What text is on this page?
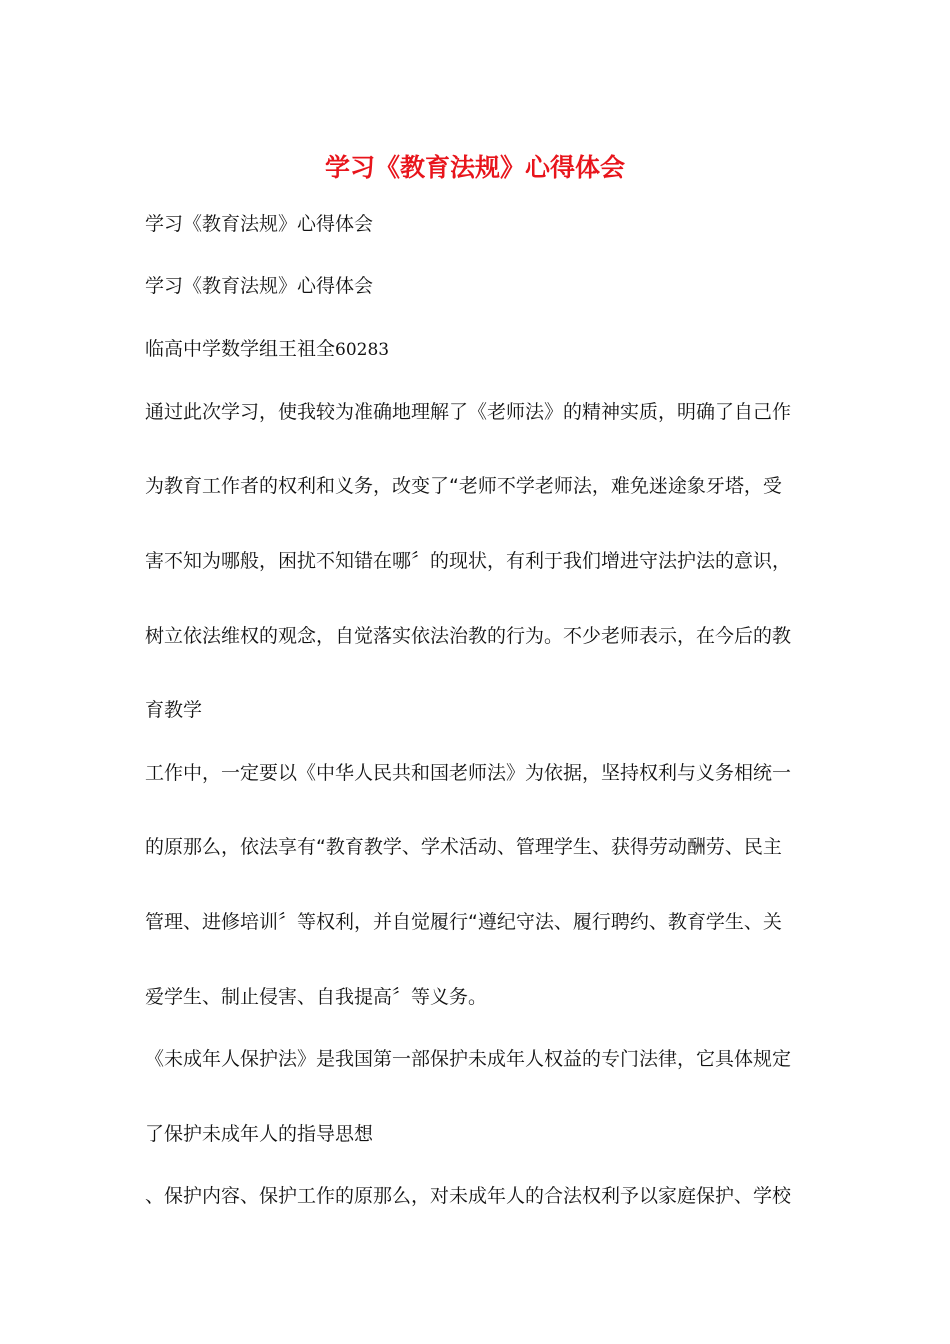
学习《教育法规》心得体会

学习《教育法规》心得体会

学习《教育法规》心得体会

临高中学数学组王祖全60283

通过此次学习，使我较为准确地理解了《老师法》的精神实质，明确了自己作

为教育工作者的权利和义务，改变了“老师不学老师法，难免迷途象牙塔，受

害不知为哪般，困扰不知错在哪〞的现状，有利于我们增进守法护法的意识，

树立依法维权的观念，自觉落实依法治教的行为。不少老师表示，在今后的教

育教学

工作中，一定要以《中华人民共和国老师法》为依据，坚持权利与义务相统一

的原那么，依法享有“教育教学、学术活动、管理学生、获得劳动酬劳、民主

管理、进修培训〞等权利，并自觉履行“遵纪守法、履行聘约、教育学生、关

爱学生、制止侵害、自我提高〞等义务。

《未成年人保护法》是我国第一部保护未成年人权益的专门法律，它具体规定

了保护未成年人的指导思想

、保护内容、保护工作的原那么，对未成年人的合法权利予以家庭保护、学校
